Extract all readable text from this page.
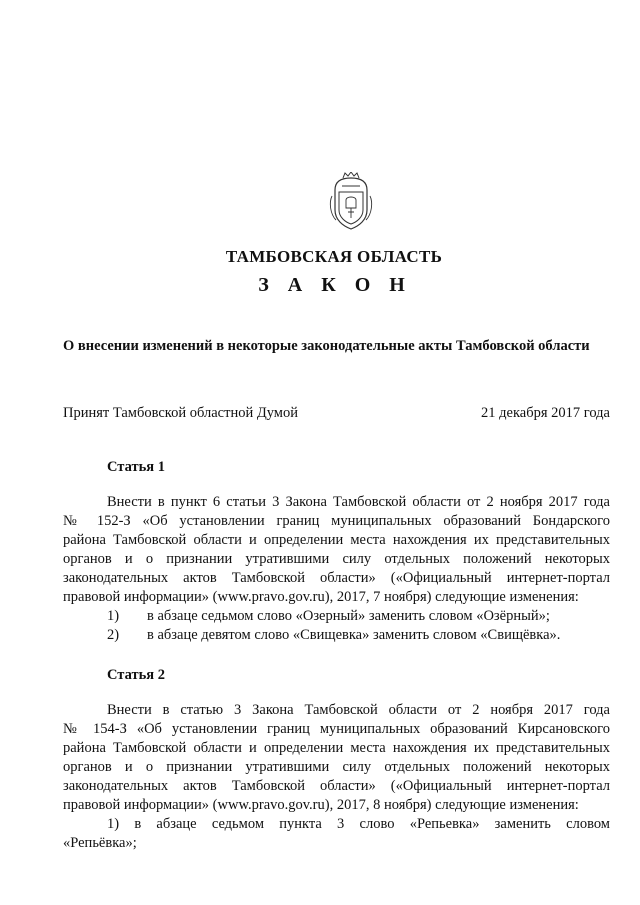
ТАМБОВСКАЯ ОБЛАСТЬ
З А К О Н
О внесении изменений в некоторые законодательные акты Тамбовской области
Принят Тамбовской областной Думой	21 декабря 2017 года
Статья 1
Внести в пункт 6 статьи 3 Закона Тамбовской области от 2 ноября 2017 года
№ 152-З «Об установлении границ муниципальных образований Бондарского
района Тамбовской области и определении места нахождения их представительных
органов и о признании утратившими силу отдельных положений некоторых
законодательных актов Тамбовской области» («Официальный интернет-портал
правовой информации» (www.pravo.gov.ru), 2017, 7 ноября) следующие изменения:
1) в абзаце седьмом слово «Озерный» заменить словом «Озёрный»;
2) в абзаце девятом слово «Свищевка» заменить словом «Свищёвка».
Статья 2
Внести в статью 3 Закона Тамбовской области от 2 ноября 2017 года
№ 154-З «Об установлении границ муниципальных образований Кирсановского
района Тамбовской области и определении места нахождения их представительных
органов и о признании утратившими силу отдельных положений некоторых
законодательных актов Тамбовской области» («Официальный интернет-портал
правовой информации» (www.pravo.gov.ru), 2017, 8 ноября) следующие изменения:
1) в абзаце седьмом пункта 3 слово «Репьевка» заменить словом
«Репьёвка»;
